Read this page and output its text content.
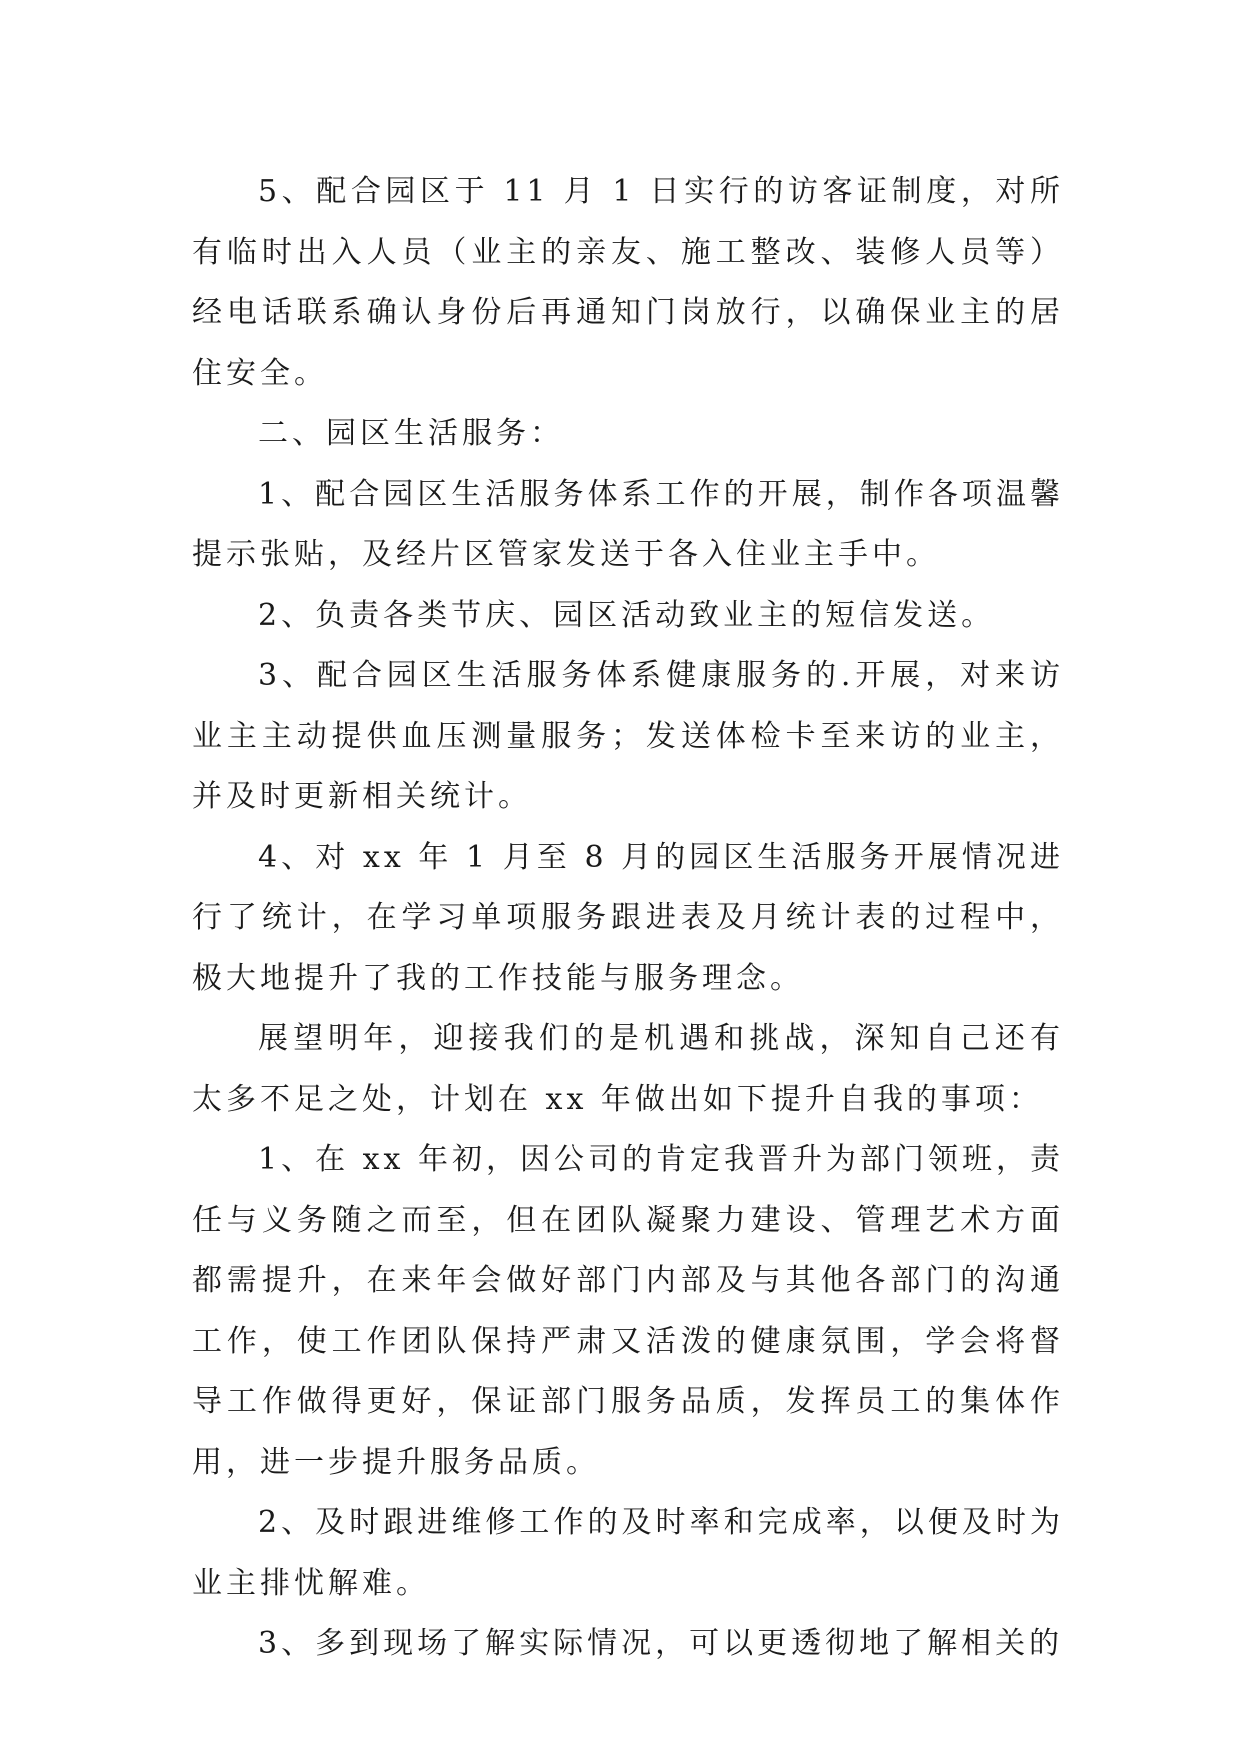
5、配合园区于 11 月 1 日实行的访客证制度，对所有临时出入人员（业主的亲友、施工整改、装修人员等）经电话联系确认身份后再通知门岗放行，以确保业主的居住安全。

二、园区生活服务：

1、配合园区生活服务体系工作的开展，制作各项温馨提示张贴，及经片区管家发送于各入住业主手中。

2、负责各类节庆、园区活动致业主的短信发送。

3、配合园区生活服务体系健康服务的.开展，对来访业主主动提供血压测量服务；发送体检卡至来访的业主，并及时更新相关统计。

4、对 xx 年 1 月至 8 月的园区生活服务开展情况进行了统计，在学习单项服务跟进表及月统计表的过程中，极大地提升了我的工作技能与服务理念。

展望明年，迎接我们的是机遇和挑战，深知自己还有太多不足之处，计划在 xx 年做出如下提升自我的事项：

1、在 xx 年初，因公司的肯定我晋升为部门领班，责任与义务随之而至，但在团队凝聚力建设、管理艺术方面都需提升，在来年会做好部门内部及与其他各部门的沟通工作，使工作团队保持严肃又活泼的健康氛围，学会将督导工作做得更好，保证部门服务品质，发挥员工的集体作用，进一步提升服务品质。

2、及时跟进维修工作的及时率和完成率，以便及时为业主排忧解难。

3、多到现场了解实际情况，可以更透彻地了解相关的
